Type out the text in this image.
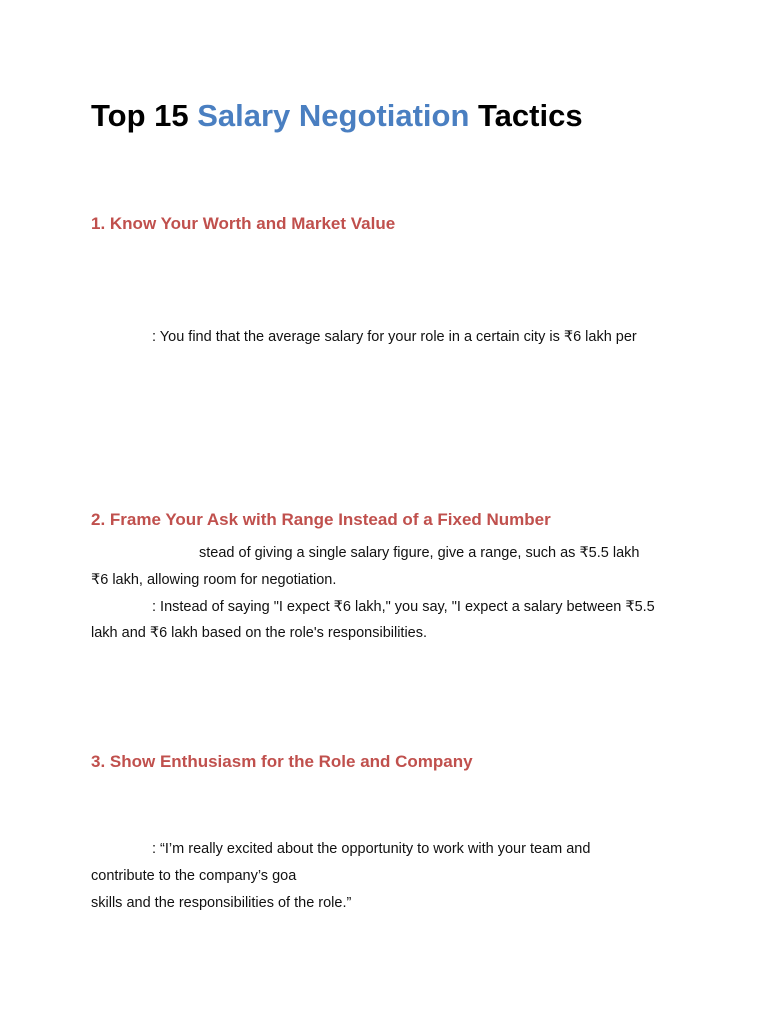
Top 15 Salary Negotiation Tactics
1. Know Your Worth and Market Value

: You find that the average salary for your role in a certain city is ₹6 lakh per

2. Frame Your Ask with Range Instead of a Fixed Number

stead of giving a single salary figure, give a range, such as ₹5.5 lakh

₹6 lakh, allowing room for negotiation.

: Instead of saying "I expect ₹6 lakh," you say, "I expect a salary between ₹5.5

lakh and ₹6 lakh based on the role's responsibilities.

3. Show Enthusiasm for the Role and Company

: “I’m really excited about the opportunity to work with your team and

contribute to the company’s goa

skills and the responsibilities of the role.”
